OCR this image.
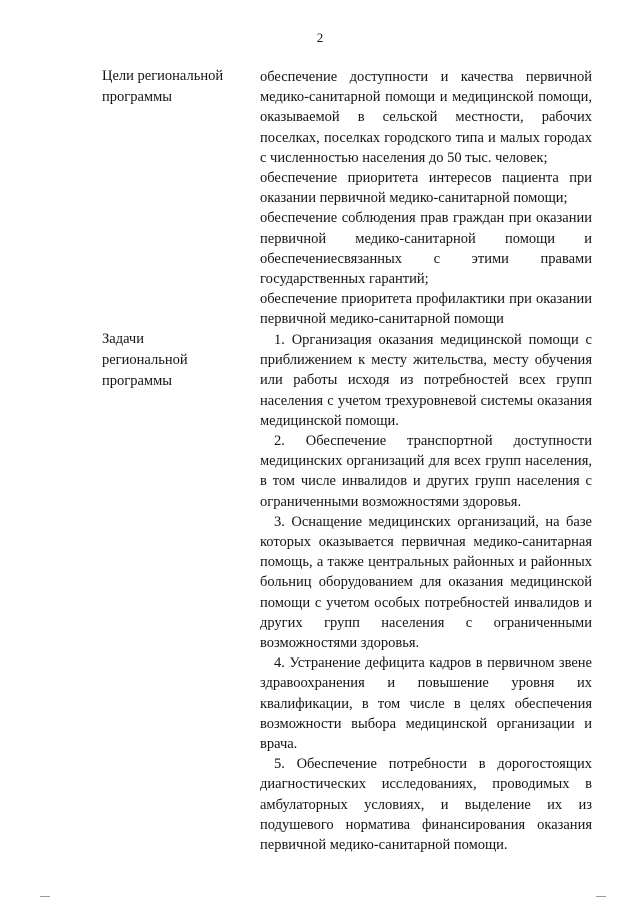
2
Цели региональной
программы
обеспечение доступности и качества первичной медико-санитарной помощи и медицинской помощи, оказываемой в сельской местности, рабочих поселках, поселках городского типа и малых городах с численностью населения до 50 тыс. человек;
обеспечение приоритета интересов пациента при оказании первичной медико-санитарной помощи;
обеспечение соблюдения прав граждан при оказании первичной медико-санитарной помощи и обеспечениесвязанных с этими правами государственных гарантий;
обеспечение приоритета профилактики при оказании первичной медико-санитарной помощи
Задачи
региональной
программы
1. Организация оказания медицинской помощи с приближением к месту жительства, месту обучения или работы исходя из потребностей всех групп населения с учетом трехуровневой системы оказания медицинской помощи.
2. Обеспечение транспортной доступности медицинских организаций для всех групп населения, в том числе инвалидов и других групп населения с ограниченными возможностями здоровья.
3. Оснащение медицинских организаций, на базе которых оказывается первичная медико-санитарная помощь, а также центральных районных и районных больниц оборудованием для оказания медицинской помощи с учетом особых потребностей инвалидов и других групп населения с ограниченными возможностями здоровья.
4. Устранение дефицита кадров в первичном звене здравоохранения и повышение уровня их квалификации, в том числе в целях обеспечения возможности выбора медицинской организации и врача.
5. Обеспечение потребности в дорогостоящих диагностических исследованиях, проводимых в амбулаторных условиях, и выделение их из подушевого норматива финансирования оказания первичной медико-санитарной помощи.
